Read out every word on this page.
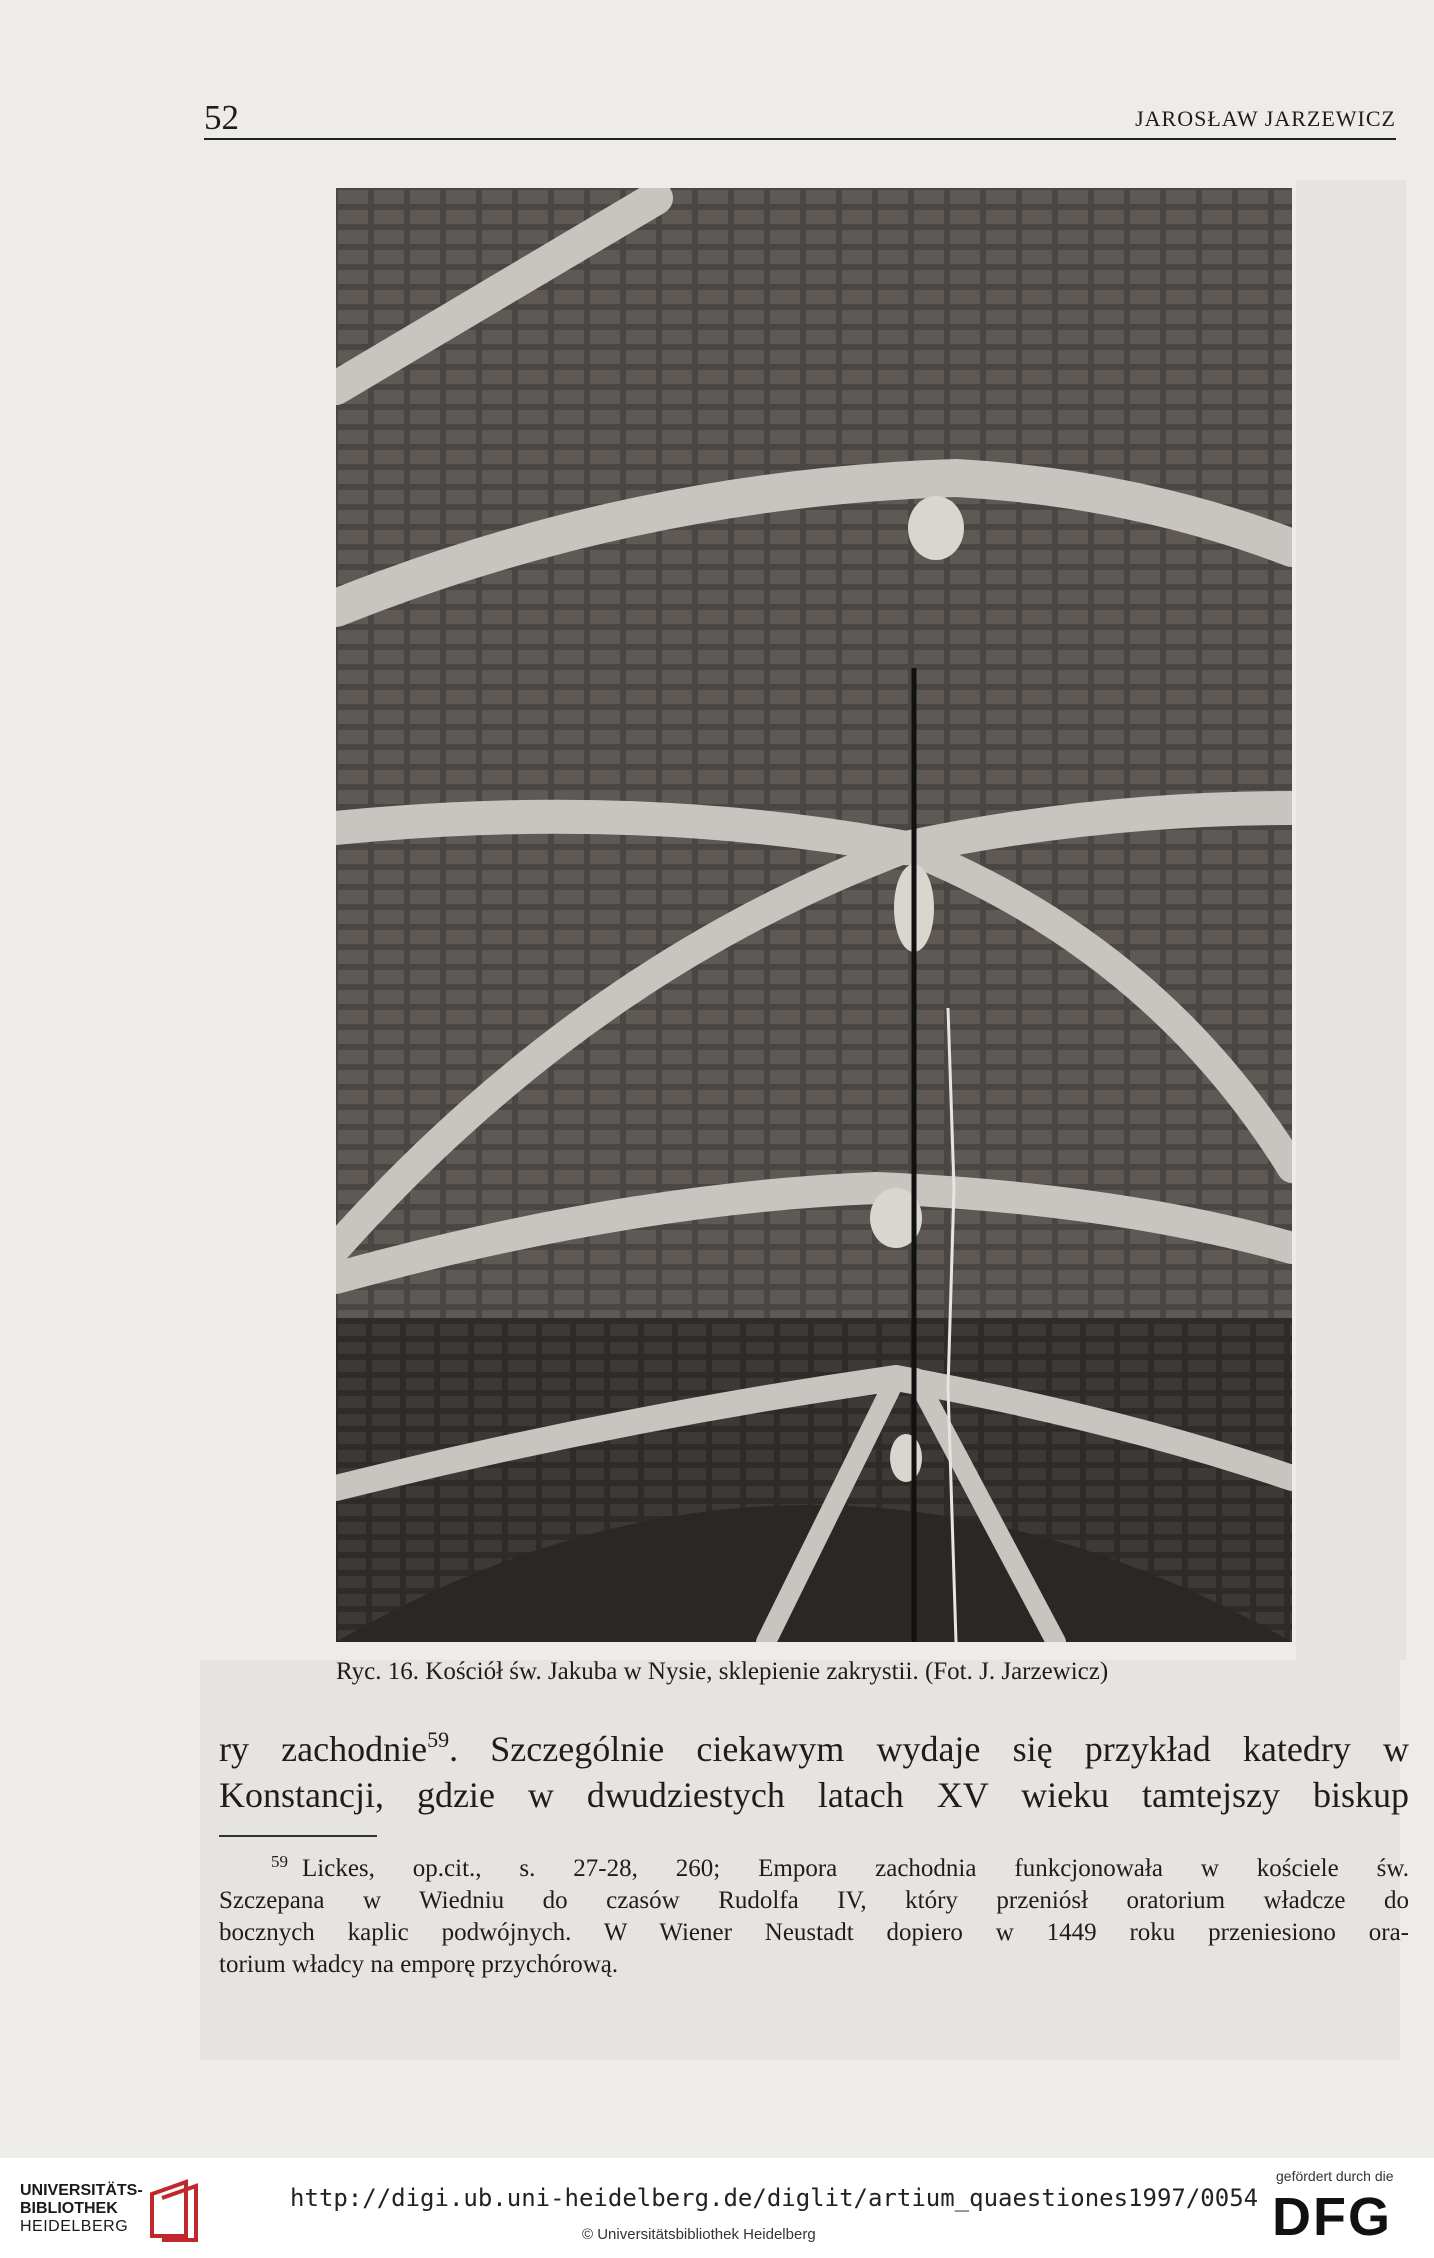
52	JAROSŁAW JARZEWICZ
Ryc. 16. Kościół św. Jakuba w Nysie, sklepienie zakrystii. (Fot. J. Jarzewicz)
ry zachodnie$^{59}$. Szczególnie ciekawym wydaje się przykład katedry w
Konstancji, gdzie w dwudziestych latach XV wieku tamtejszy biskup
$^{59}$ Lickes, op.cit., s. 27-28, 260; Empora zachodnia funkcjonowała w kościele św.
Szczepana w Wiedniu do czasów Rudolfa IV, który przeniósł oratorium władcze do
bocznych kaplic podwójnych. W Wiener Neustadt dopiero w 1449 roku przeniesiono ora-
torium władcy na emporę przychórową.
UNIVERSITÄTS-
BIBLIOTHEK
HEIDELBERG
http://digi.ub.uni-heidelberg.de/diglit/artium_quaestiones1997/0054
© Universitätsbibliothek Heidelberg
gefördert durch die
DFG
